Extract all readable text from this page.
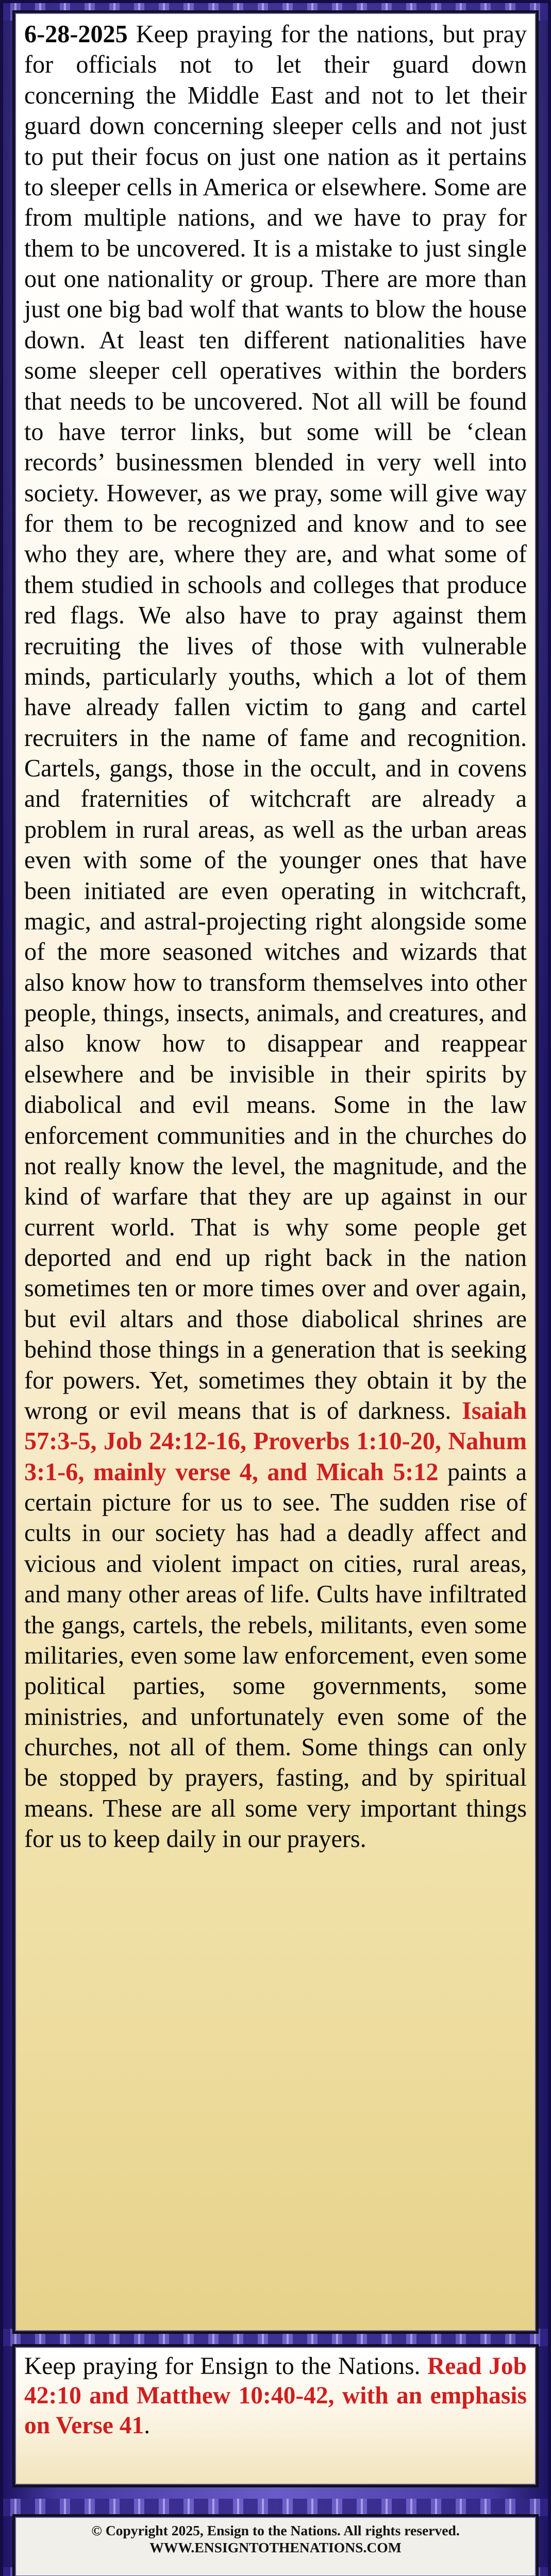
6-28-2025 Keep praying for the nations, but pray for officials not to let their guard down concerning the Middle East and not to let their guard down concerning sleeper cells and not just to put their focus on just one nation as it pertains to sleeper cells in America or elsewhere. Some are from multiple nations, and we have to pray for them to be uncovered. It is a mistake to just single out one nationality or group. There are more than just one big bad wolf that wants to blow the house down. At least ten different nationalities have some sleeper cell operatives within the borders that needs to be uncovered. Not all will be found to have terror links, but some will be ‘clean records’ businessmen blended in very well into society. However, as we pray, some will give way for them to be recognized and know and to see who they are, where they are, and what some of them studied in schools and colleges that produce red flags. We also have to pray against them recruiting the lives of those with vulnerable minds, particularly youths, which a lot of them have already fallen victim to gang and cartel recruiters in the name of fame and recognition. Cartels, gangs, those in the occult, and in covens and fraternities of witchcraft are already a problem in rural areas, as well as the urban areas even with some of the younger ones that have been initiated are even operating in witchcraft, magic, and astral-projecting right alongside some of the more seasoned witches and wizards that also know how to transform themselves into other people, things, insects, animals, and creatures, and also know how to disappear and reappear elsewhere and be invisible in their spirits by diabolical and evil means. Some in the law enforcement communities and in the churches do not really know the level, the magnitude, and the kind of warfare that they are up against in our current world. That is why some people get deported and end up right back in the nation sometimes ten or more times over and over again, but evil altars and those diabolical shrines are behind those things in a generation that is seeking for powers. Yet, sometimes they obtain it by the wrong or evil means that is of darkness. Isaiah 57:3-5, Job 24:12-16, Proverbs 1:10-20, Nahum 3:1-6, mainly verse 4, and Micah 5:12 paints a certain picture for us to see. The sudden rise of cults in our society has had a deadly affect and vicious and violent impact on cities, rural areas, and many other areas of life. Cults have infiltrated the gangs, cartels, the rebels, militants, even some militaries, even some law enforcement, even some political parties, some governments, some ministries, and unfortunately even some of the churches, not all of them. Some things can only be stopped by prayers, fasting, and by spiritual means. These are all some very important things for us to keep daily in our prayers.

Keep praying for Ensign to the Nations. Read Job 42:10 and Matthew 10:40-42, with an emphasis on Verse 41.

© Copyright 2025, Ensign to the Nations. All rights reserved.

WWW.ENSIGNTOTHENATIONS.COM
